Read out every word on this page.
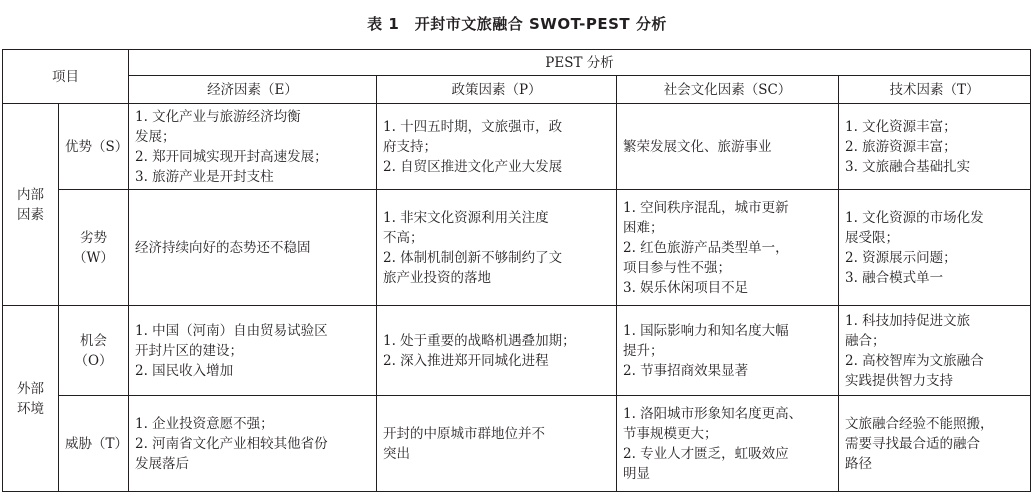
表 1　开封市文旅融合 SWOT-PEST 分析
项目		PEST 分析			
		经济因素（E）	政策因素（P）	社会文化因素（SC）	技术因素（T）

内部
因素	优势（S）	1. 文化产业与旅游经济均衡
发展；
2. 郑开同城实现开封高速发展；
3. 旅游产业是开封支柱	1. 十四五时期，文旅强市，政
府支持；
2. 自贸区推进文化产业大发展	繁荣发展文化、旅游事业	1. 文化资源丰富；
2. 旅游资源丰富；
3. 文旅融合基础扎实

	劣势
（W）	经济持续向好的态势还不稳固	1. 非宋文化资源利用关注度
不高；
2. 体制机制创新不够制约了文
旅产业投资的落地	1. 空间秩序混乱，城市更新
困难；
2. 红色旅游产品类型单一，
项目参与性不强；
3. 娱乐休闲项目不足	1. 文化资源的市场化发
展受限；
2. 资源展示问题；
3. 融合模式单一

外部
环境	机会（O）	1. 中国（河南）自由贸易试验区
开封片区的建设；
2. 国民收入增加	1. 处于重要的战略机遇叠加期；
2. 深入推进郑开同城化进程	1. 国际影响力和知名度大幅
提升；
2. 节事招商效果显著	1. 科技加持促进文旅
融合；
2. 高校智库为文旅融合
实践提供智力支持

	威胁（T）	1. 企业投资意愿不强；
2. 河南省文化产业相较其他省份
发展落后	开封的中原城市群地位并不
突出	1. 洛阳城市形象知名度更高、
节事规模更大；
2. 专业人才匮乏，虹吸效应
明显	文旅融合经验不能照搬，
需要寻找最合适的融合
路径
